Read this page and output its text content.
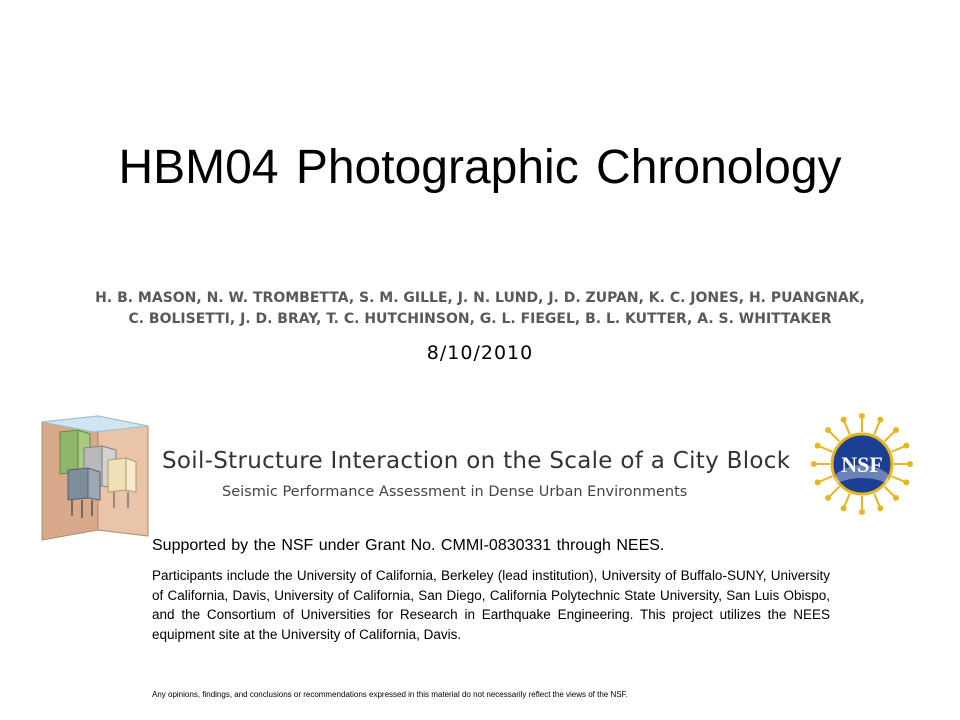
HBM04 Photographic Chronology
H. B. MASON, N. W. TROMBETTA, S. M. GILLE, J. N. LUND, J. D. ZUPAN, K. C. JONES, H. PUANGNAK,
C. BOLISETTI, J. D. BRAY, T. C. HUTCHINSON, G. L. FIEGEL, B. L. KUTTER, A. S. WHITTAKER
8/10/2010
Soil-Structure Interaction on the Scale of a City Block
Seismic Performance Assessment in Dense Urban Environments
NSF
Supported by the NSF under Grant No. CMMI-0830331 through NEES.
Participants include the University of California, Berkeley (lead institution), University of Buffalo-SUNY, University of California, Davis, University of California, San Diego, California Polytechnic State University, San Luis Obispo, and the Consortium of Universities for Research in Earthquake Engineering. This project utilizes the NEES equipment site at the University of California, Davis.
Any opinions, findings, and conclusions or recommendations expressed in this material do not necessarily reflect the views of the NSF.
